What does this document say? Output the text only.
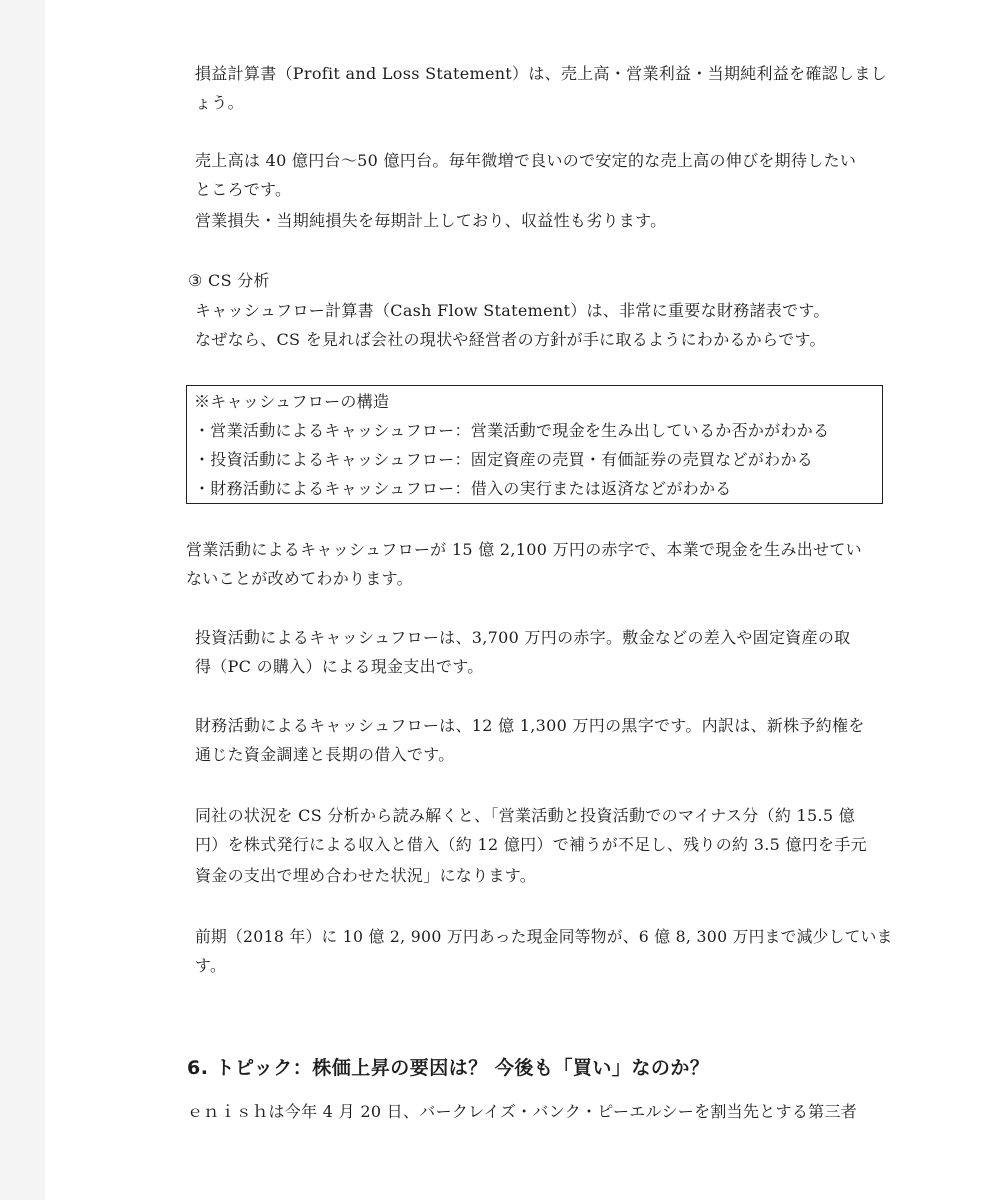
損益計算書（Profit and Loss Statement）は、売上高・営業利益・当期純利益を確認しまし

ょう。

売上高は 40 億円台～50 億円台。毎年微増で良いので安定的な売上高の伸びを期待したい

ところです。

営業損失・当期純損失を毎期計上しており、収益性も劣ります。

③ CS 分析

キャッシュフロー計算書（Cash Flow Statement）は、非常に重要な財務諸表です。

なぜなら、CS を見れば会社の現状や経営者の方針が手に取るようにわかるからです。

※キャッシュフローの構造

・営業活動によるキャッシュフロー：営業活動で現金を生み出しているか否かがわかる

・投資活動によるキャッシュフロー：固定資産の売買・有価証券の売買などがわかる

・財務活動によるキャッシュフロー：借入の実行または返済などがわかる

営業活動によるキャッシュフローが 15 億 2,100 万円の赤字で、本業で現金を生み出せてい

ないことが改めてわかります。

投資活動によるキャッシュフローは、3,700 万円の赤字。敷金などの差入や固定資産の取

得（PC の購入）による現金支出です。

財務活動によるキャッシュフローは、12 億 1,300 万円の黒字です。内訳は、新株予約権を

通じた資金調達と長期の借入です。

同社の状況を CS 分析から読み解くと、「営業活動と投資活動でのマイナス分（約 15.5 億

円）を株式発行による収入と借入（約 12 億円）で補うが不足し、残りの約 3.5 億円を手元

資金の支出で埋め合わせた状況」になります。

前期（2018 年）に 10 億 2, 900 万円あった現金同等物が、6 億 8, 300 万円まで減少していま

す。

6. トピック：株価上昇の要因は？ 今後も「買い」なのか？

ｅｎｉｓｈは今年 4 月 20 日、バークレイズ・バンク・ピーエルシーを割当先とする第三者
